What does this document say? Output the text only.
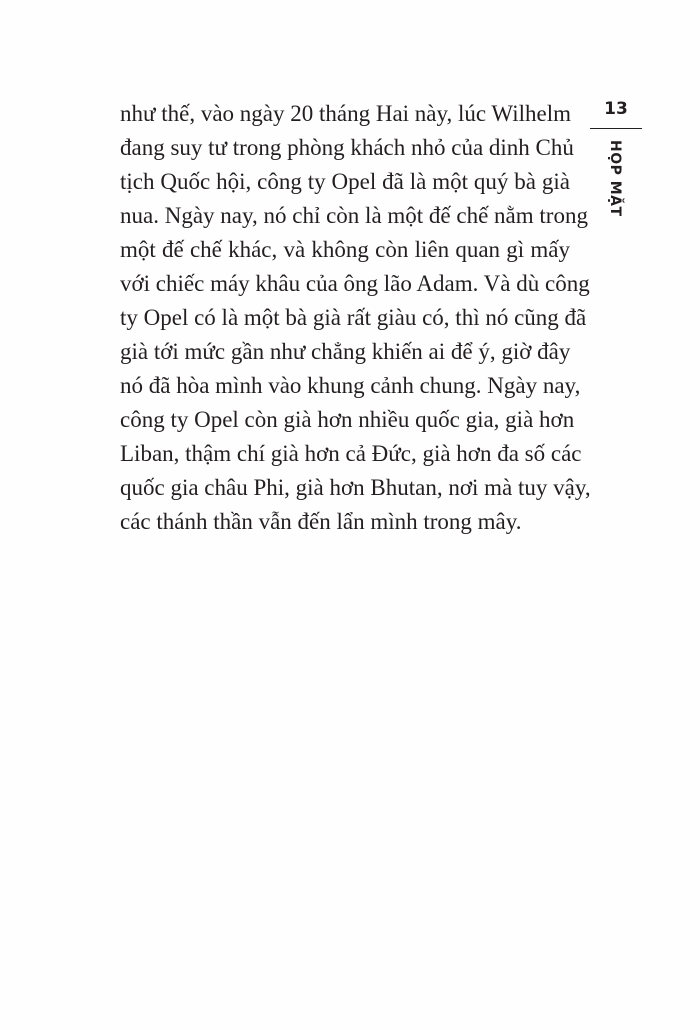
như thế, vào ngày 20 tháng Hai này, lúc Wilhelm
đang suy tư trong phòng khách nhỏ của dinh Chủ
tịch Quốc hội, công ty Opel đã là một quý bà già
nua. Ngày nay, nó chỉ còn là một đế chế nằm trong
một đế chế khác, và không còn liên quan gì mấy
với chiếc máy khâu của ông lão Adam. Và dù công
ty Opel có là một bà già rất giàu có, thì nó cũng đã
già tới mức gần như chẳng khiến ai để ý, giờ đây
nó đã hòa mình vào khung cảnh chung. Ngày nay,
công ty Opel còn già hơn nhiều quốc gia, già hơn
Liban, thậm chí già hơn cả Đức, già hơn đa số các
quốc gia châu Phi, già hơn Bhutan, nơi mà tuy vậy,
các thánh thần vẫn đến lẩn mình trong mây.
13
HỌP MẶT
